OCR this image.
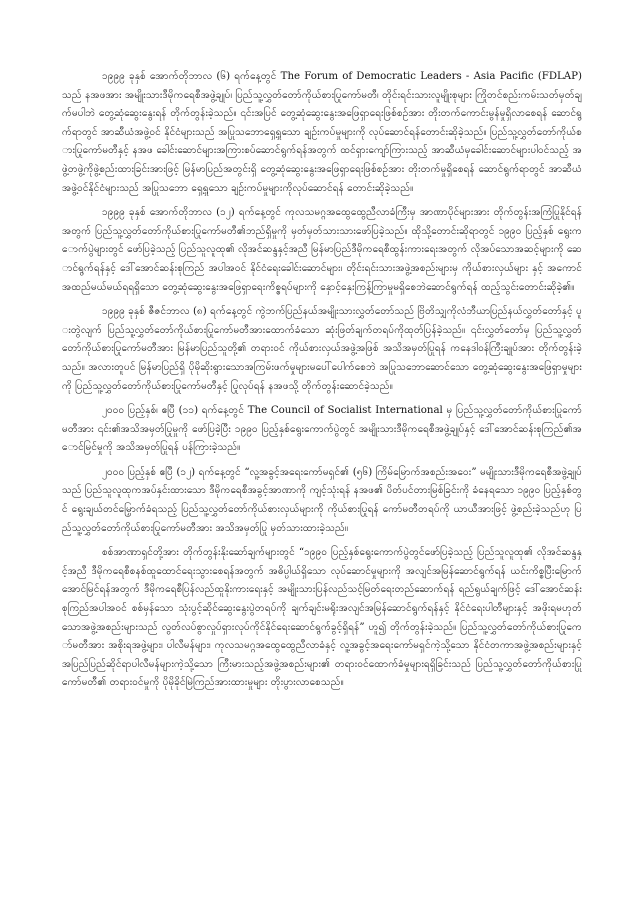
၁၉၉၉ ခုနှစ် အောက်တိုဘာလ (၆) ရက်နေ့တွင် The Forum of Democratic Leaders - Asia Pacific (FDLAP) သည် နအဖအား အမျိုးသားဒီမိုကရေစီအဖွဲ့ချုပ်၊ ပြည်သူ့လွှတ်တော်ကိုယ်စားပြုကော်မတီ၊ တိုင်းရင်းသားလူမျိုးစုများ ကြိုတင်စည်းကမ်းသတ်မှတ်ချက်မပါဘဲ တွေ့ဆုံဆွေးနွေးရန် တိုက်တွန်းခဲ့သည်။ ၎င်းအပြင် တွေ့ဆုံဆွေးနွေးအဖြေရှာရေးဖြစ်စဉ်အား တိုးတက်ကောင်းမွန်မှုရှိလာစေရန် ဆောင်ရွက်ရာတွင် အာဆီယံအဖွဲ့ဝင် နိုင်ငံများသည် အပြုသဘောရှေ့ရှုသော ချဉ်းကပ်မှုများကို လုပ်ဆောင်ရန်တောင်းဆိုခဲ့သည်။ ပြည်သူ့လွှတ်တော်ကိုယ်စားပြုကော်မတီနှင့် နအဖ ခေါင်းဆောင်များအကြားစပ်ဆောင်ရွက်ရန်အတွက် ထင်ရှားကျော်ကြားသည့် အာဆီယံမှခေါင်းဆောင်များပါဝင်သည့် အဖွဲ့တဖွဲ့ကိုဖွဲ့စည်းထားခြင်းအားဖြင့် မြန်မာပြည်အတွင်းရှိ တွေ့ဆုံဆွေးနွေးအဖြေရှာရေးဖြစ်စဉ်အား တိုးတက်မှုရှိစေရန် ဆောင်ရွက်ရာတွင် အာဆီယံအဖွဲ့ဝင်နိုင်ငံများသည် အပြုသဘော ရှေ့ရှုသော ချဉ်းကပ်မှုများကိုလုပ်ဆောင်ရန် တောင်းဆိုခဲ့သည်။

၁၉၉၉ ခုနှစ် အောက်တိုဘာလ (၁၂) ရက်နေ့တွင် ကုလသမဂ္ဂအထွေထွေညီလာခံကြီးမှ အာဏာပိုင်များအား တိုက်တွန်းအကြံပြုနိုင်ရန်အတွက် ပြည်သူ့လွှတ်တော်ကိုယ်စားပြုကော်မတီ၏ဘည်ရှိမှုကို မှတ်မှတ်သားသားဖော်ပြခဲ့သည်။ ထိုသို့တောင်းဆိုရာတွင် ၁၉၉၀ ပြည့်နှစ် ရွေးကောက်ပွဲများတွင် ဖော်ပြခဲ့သည့် ပြည်သူလူထု၏ လိုအင်ဆန္ဒနှင့်အညီ မြန်မာပြည်ဒီမိုကရေစီထွန်းကားရေးအတွက် လိုအပ်သောအဆင့်များကို ဆောင်ရွက်ရန်နှင့် ဒေါ်အောင်ဆန်းစုကြည် အပါအဝင် နိုင်ငံရေးခေါင်းဆောင်များ၊ တိုင်းရင်းသားအဖွဲ့အစည်းများမှ ကိုယ်စားလှယ်များ နှင့် အကောင်အထည်မယ်မယ်ရရရှိသော တွေ့ဆုံဆွေးနွေးအဖြေရှာရေးကိစ္စရပ်များကို နှောင့်နှေးကြန့်ကြာမှုမရှိစေဘဲဆောင်ရွက်ရန် ထည့်သွင်းတောင်းဆိုခဲ့၏။

၁၉၉၉ ခုနှစ် ဇီဇင်ဘာလ (၈) ရက်နေ့တွင် ကွဲဘက်ပြည်နယ်အမျိုးသားလွှတ်တော်သည် ဗြိတိသျှကိုလံဘီယာပြည်နယ်လွှတ်တော်နှင့် ပူးတွဲလျက် ပြည်သူ့လွှတ်တော်ကိုယ်စားပြုကော်မတီအားထောက်ခံသော ဆုံးဖြတ်ချက်တရပ်ကိုထုတ်ပြန်ခဲ့သည်။ ၎င်းလွှတ်တော်မှ ပြည်သူ့လွှတ်တော်ကိုယ်စားပြုကော်မတီအား မြန်မာပြည်သူတို့၏ တရားဝင် ကိုယ်စားလှယ်အဖွဲ့အဖြစ် အသိအမှတ်ပြုရန် ကနေဒါဝန်ကြီးချုပ်အား တိုက်တွန်းခဲ့သည်။ အလားတူပင် မြန်မာပြည်ရှိ ပိုမိုဆိုးရွားသောအကြမ်းဖက်မှုများမပေါ်ပေါက်စေဘဲ အပြုသဘောဆောင်သော တွေ့ဆုံဆွေးနွေးအဖြေရှာမှုများကို ပြည်သူ့လွှတ်တော်ကိုယ်စားပြုကော်မတီနှင့် ပြုလုပ်ရန် နအဖသို့ တိုက်တွန်းဆောင်ခဲ့သည်။

၂၀၀၀ ပြည့်နှစ်၊ ဧပြီ (၁၁) ရက်နေ့တွင် The Council of Socialist International မှ ပြည်သူ့လွှတ်တော်ကိုယ်စားပြုကော်မတီအား ၎င်း၏အသိအမှတ်ပြုမှုကို ဖော်ပြခဲ့ပြီး ၁၉၉၀ ပြည့်နှစ်ရွေးကောက်ပွဲတွင် အမျိုးသားဒီမိုကရေစီအဖွဲ့ချုပ်နှင့် ဒေါ်အောင်ဆန်းစုကြည်၏အောင်မြင်မှုကို အသိအမှတ်ပြုရန် ပန်ကြားခဲ့သည်။

၂၀၀၀ ပြည့်နှစ် ဧပြီ (၁၂) ရက်နေ့တွင် “လူ့အခွင့်အရေးကော်မရှင်၏ (၅၆) ကြိမ်မြောက်အစည်းအဝေး” မမျိုးသားဒီမိုကရေစီအဖွဲ့ချုပ်သည် ပြည်သူလူထုကအပ်နှင်းထားသော ဒီမိုကရေစီအခွင့်အာဏာကို ကျင့်သုံးရန် နအဖ၏ ပိတ်ပင်တားမြစ်ခြင်းကို ခံနေရသော ၁၉၉၀ ပြည့်နှစ်တွင် ရွေးချယ်တင်မြှောက်ခံရသည့် ပြည်သူ့လွှတ်တော်ကိုယ်စားလှယ်များကို ကိုယ်စားပြုရန် ကော်မတီတရပ်ကို ယာယီအားဖြင့် ဖွဲ့စည်းခဲ့သည်ဟု ပြည်သူ့လွှတ်တော်ကိုယ်စားပြုကော်မတီအား အသိအမှတ်ပြု မှတ်သားထားခဲ့သည်။

စစ်အာဏာရှင်တို့အား တိုက်တွန်းနိုးဆော်ချက်များတွင် “၁၉၉၀ ပြည့်နှစ်ရွေးကောက်ပွဲတွင်ဖော်ပြခဲ့သည့် ပြည်သူလူထု၏ လိုအင်ဆန္ဒနှင့်အညီ ဒီမိုကရေစီစနစ်ထူထောင်ရေးသွားစေရန်အတွက် အဓိပ္ပါယ်ရှိသော လုပ်ဆောင်မှုများကို အလျင်အမြန်ဆောင်ရွက်ရန် ယင်းကိစ္စပြီးမြောက်အောင်မြင်ရန်အတွက် ဒီမိုကရေစီပြန်လည်ထူနိုးကားရေးနှင့် အမျိုးသားပြန်လည်သင့်မြတ်ရေးတည်ဆောက်ရန် ရည်ရွယ်ချက်ဖြင့် ဒေါ်အောင်ဆန်းစုကြည်အပါအဝင် စစ်မှန်သော သုံးပွင့်ဆိုင်ဆွေးနွေးပွဲတရပ်ကို ချက်ချင်းမရိုးအလျင်အမြန်ဆောင်ရွက်ရန်နှင့် နိုင်ငံရေးပါတီများနှင့် အဖိုးရမဟုတ်သောအဖွဲ့အစည်းများသည် လွတ်လပ်စွာလှုပ်ရှားလုပ်ကိုင်နိုင်ရေးဆောင်ရွက်ခွင့်ရှိရန်” ဟူ၍ တိုက်တွန်းခဲ့သည်။ ပြည်သူ့လွှတ်တော်ကိုယ်စားပြုကော်မတီအား အစိုးရအဖွဲ့များ၊ ပါလီမန်များ၊ ကုလသမဂ္ဂအထွေထွေညီလာခံနှင့် လူ့အခွင့်အရေးကော်မရှင်ကဲ့သို့သော နိုင်ငံတကာအဖွဲ့အစည်းများနှင့် အပြည်ပြည်ဆိုင်ရာပါလီမန်များကဲ့သို့သော ကြီးမားသည့်အဖွဲ့အစည်းများ၏ တရားဝင်ထောက်ခံမှုများရရှိခြင်းသည် ပြည်သူ့လွှတ်တော်ကိုယ်စားပြုကော်မတီ၏ တရားဝင်မှုကို ပိုမိုခိုင်မြဲကြည်အားထားမှုများ တိုးပွားလာစေသည်။
